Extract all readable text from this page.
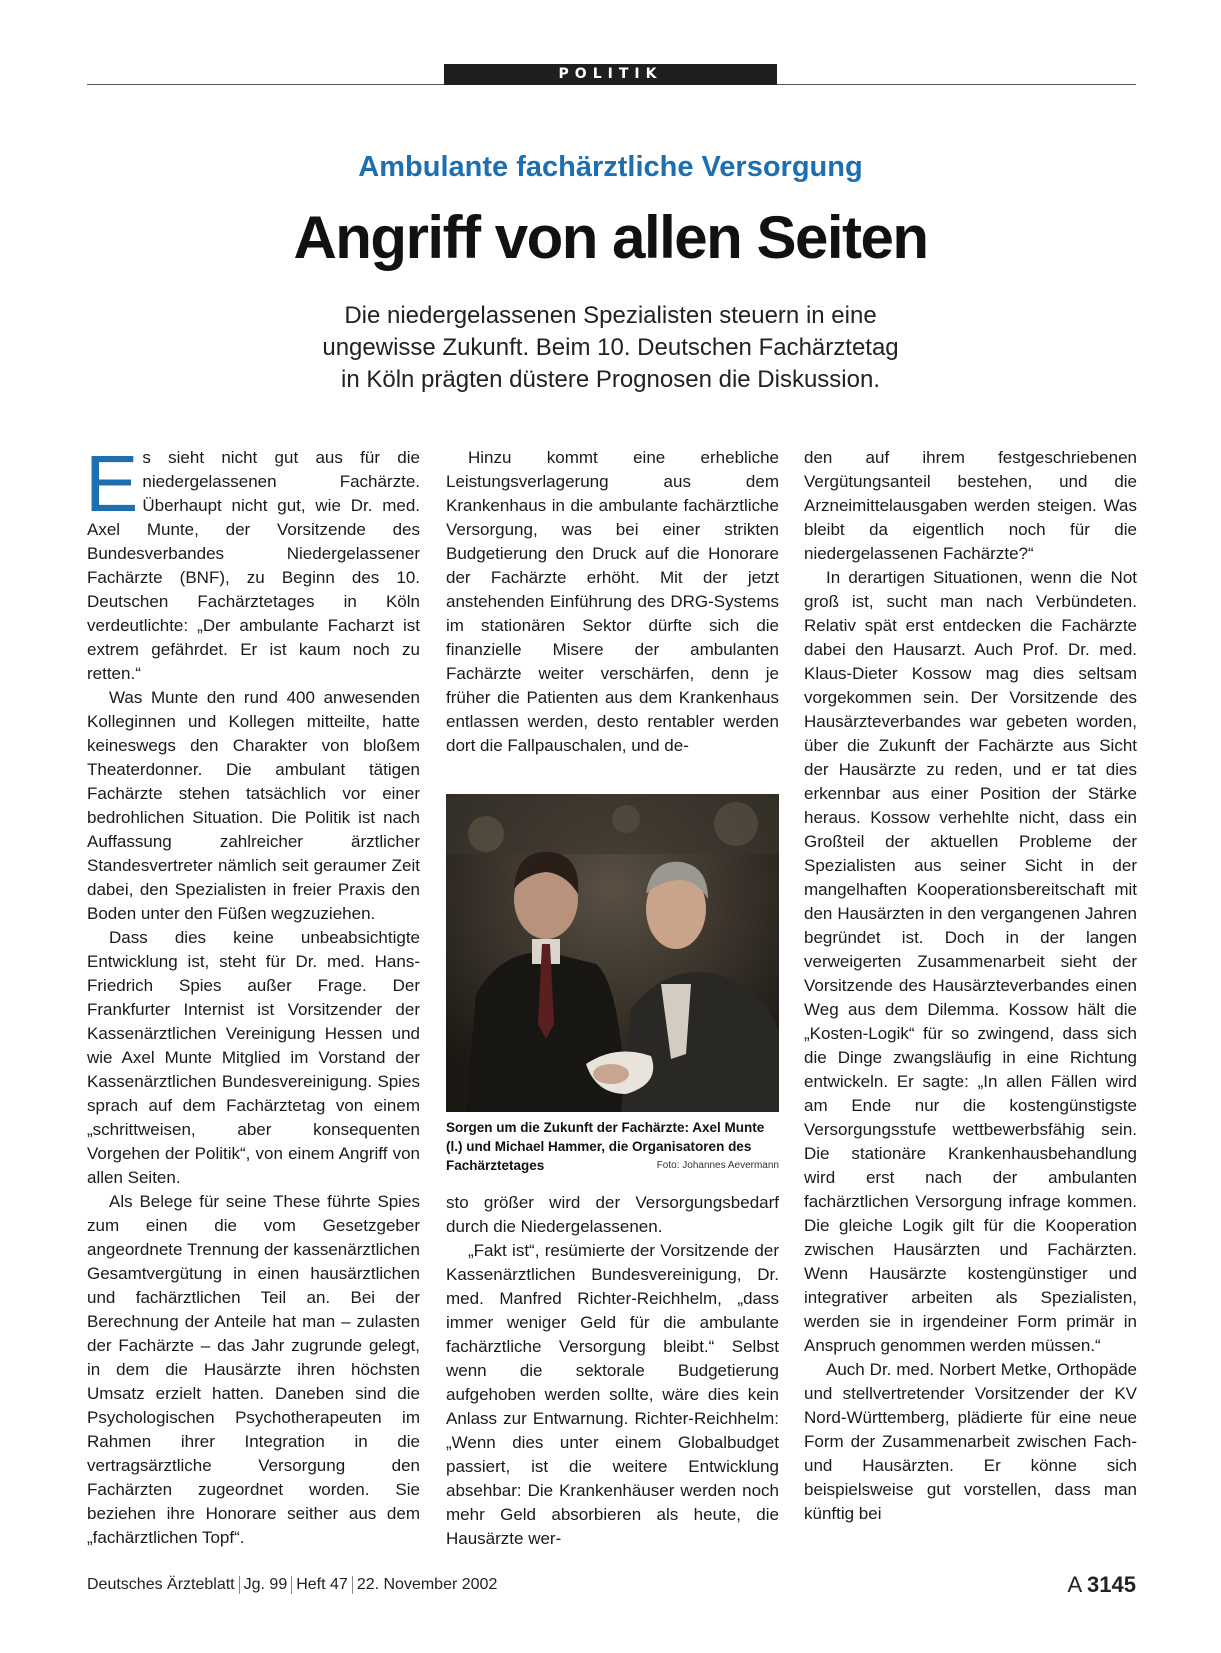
POLITIK
Ambulante fachärztliche Versorgung
Angriff von allen Seiten
Die niedergelassenen Spezialisten steuern in eine
ungewisse Zukunft. Beim 10. Deutschen Fachärztetag
in Köln prägten düstere Prognosen die Diskussion.

Es sieht nicht gut aus für die niedergelassenen Fachärzte. Überhaupt nicht gut, wie Dr. med. Axel Munte, der Vorsitzende des Bundesverbandes Niedergelassener Fachärzte (BNF), zu Beginn des 10. Deutschen Fachärztetages in Köln verdeutlichte: „Der ambulante Facharzt ist extrem gefährdet. Er ist kaum noch zu retten.“

Was Munte den rund 400 anwesenden Kolleginnen und Kollegen mitteilte, hatte keineswegs den Charakter von bloßem Theaterdonner. Die ambulant tätigen Fachärzte stehen tatsächlich vor einer bedrohlichen Situation. Die Politik ist nach Auffassung zahlreicher ärztlicher Standesvertreter nämlich seit geraumer Zeit dabei, den Spezialisten in freier Praxis den Boden unter den Füßen wegzuziehen.

Dass dies keine unbeabsichtigte Entwicklung ist, steht für Dr. med. Hans-Friedrich Spies außer Frage. Der Frankfurter Internist ist Vorsitzender der Kassenärztlichen Vereinigung Hessen und wie Axel Munte Mitglied im Vorstand der Kassenärztlichen Bundesvereinigung. Spies sprach auf dem Fachärztetag von einem „schrittweisen, aber konsequenten Vorgehen der Politik“, von einem Angriff von allen Seiten.

Als Belege für seine These führte Spies zum einen die vom Gesetzgeber angeordnete Trennung der kassenärztlichen Gesamtvergütung in einen hausärztlichen und fachärztlichen Teil an. Bei der Berechnung der Anteile hat man – zulasten der Fachärzte – das Jahr zugrunde gelegt, in dem die Hausärzte ihren höchsten Umsatz erzielt hatten. Daneben sind die Psychologischen Psychotherapeuten im Rahmen ihrer Integration in die vertragsärztliche Versorgung den Fachärzten zugeordnet worden. Sie beziehen ihre Honorare seither aus dem „fachärztlichen Topf“.

Hinzu kommt eine erhebliche Leistungsverlagerung aus dem Krankenhaus in die ambulante fachärztliche Versorgung, was bei einer strikten Budgetierung den Druck auf die Honorare der Fachärzte erhöht. Mit der jetzt anstehenden Einführung des DRG-Systems im stationären Sektor dürfte sich die finanzielle Misere der ambulanten Fachärzte weiter verschärfen, denn je früher die Patienten aus dem Krankenhaus entlassen werden, desto rentabler werden dort die Fallpauschalen, und de-

Sorgen um die Zukunft der Fachärzte: Axel Munte (l.) und Michael Hammer, die Organisatoren des Fachärztetages	Foto: Johannes Aevermann

sto größer wird der Versorgungsbedarf durch die Niedergelassenen.

„Fakt ist“, resümierte der Vorsitzende der Kassenärztlichen Bundesvereinigung, Dr. med. Manfred Richter-Reichhelm, „dass immer weniger Geld für die ambulante fachärztliche Versorgung bleibt.“ Selbst wenn die sektorale Budgetierung aufgehoben werden sollte, wäre dies kein Anlass zur Entwarnung. Richter-Reichhelm: „Wenn dies unter einem Globalbudget passiert, ist die weitere Entwicklung absehbar: Die Krankenhäuser werden noch mehr Geld absorbieren als heute, die Hausärzte wer-

den auf ihrem festgeschriebenen Vergütungsanteil bestehen, und die Arzneimittelausgaben werden steigen. Was bleibt da eigentlich noch für die niedergelassenen Fachärzte?“

In derartigen Situationen, wenn die Not groß ist, sucht man nach Verbündeten. Relativ spät erst entdecken die Fachärzte dabei den Hausarzt. Auch Prof. Dr. med. Klaus-Dieter Kossow mag dies seltsam vorgekommen sein. Der Vorsitzende des Hausärzteverbandes war gebeten worden, über die Zukunft der Fachärzte aus Sicht der Hausärzte zu reden, und er tat dies erkennbar aus einer Position der Stärke heraus. Kossow verhehlte nicht, dass ein Großteil der aktuellen Probleme der Spezialisten aus seiner Sicht in der mangelhaften Kooperationsbereitschaft mit den Hausärzten in den vergangenen Jahren begründet ist. Doch in der langen verweigerten Zusammenarbeit sieht der Vorsitzende des Hausärzteverbandes einen Weg aus dem Dilemma. Kossow hält die „Kosten-Logik“ für so zwingend, dass sich die Dinge zwangsläufig in eine Richtung entwickeln. Er sagte: „In allen Fällen wird am Ende nur die kostengünstigste Versorgungsstufe wettbewerbsfähig sein. Die stationäre Krankenhausbehandlung wird erst nach der ambulanten fachärztlichen Versorgung infrage kommen. Die gleiche Logik gilt für die Kooperation zwischen Hausärzten und Fachärzten. Wenn Hausärzte kostengünstiger und integrativer arbeiten als Spezialisten, werden sie in irgendeiner Form primär in Anspruch genommen werden müssen.“

Auch Dr. med. Norbert Metke, Orthopäde und stellvertretender Vorsitzender der KV Nord-Württemberg, plädierte für eine neue Form der Zusammenarbeit zwischen Fach- und Hausärzten. Er könne sich beispielsweise gut vorstellen, dass man künftig bei

Deutsches Ärzteblatt Jg. 99 Heft 47 22. November 2002	A 3145
